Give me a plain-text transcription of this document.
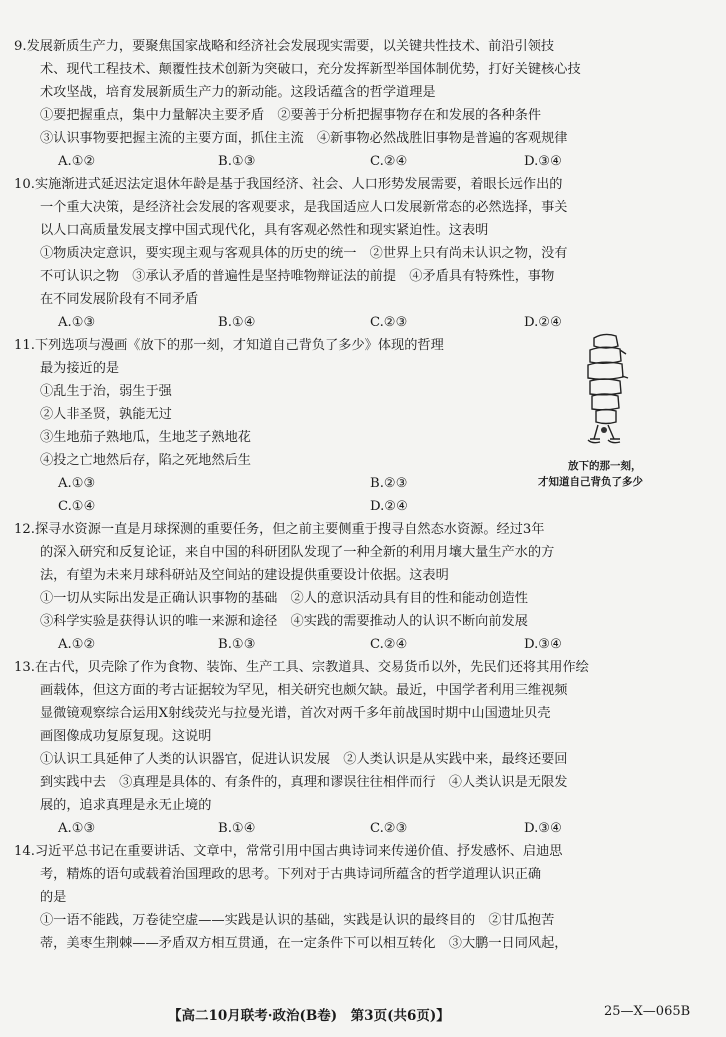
9.发展新质生产力，要聚焦国家战略和经济社会发展现实需要，以关键共性技术、前沿引领技
术、现代工程技术、颠覆性技术创新为突破口，充分发挥新型举国体制优势，打好关键核心技
术攻坚战，培育发展新质生产力的新动能。这段话蕴含的哲学道理是
①要把握重点，集中力量解决主要矛盾　②要善于分析把握事物存在和发展的各种条件
③认识事物要把握主流的主要方面，抓住主流　④新事物必然战胜旧事物是普遍的客观规律
A.①②	B.①③	C.②④	D.③④
10.实施渐进式延迟法定退休年龄是基于我国经济、社会、人口形势发展需要，着眼长远作出的
一个重大决策，是经济社会发展的客观要求，是我国适应人口发展新常态的必然选择，事关
以人口高质量发展支撑中国式现代化，具有客观必然性和现实紧迫性。这表明
①物质决定意识，要实现主观与客观具体的历史的统一　②世界上只有尚未认识之物，没有
不可认识之物　③承认矛盾的普遍性是坚持唯物辩证法的前提　④矛盾具有特殊性，事物
在不同发展阶段有不同矛盾
A.①③	B.①④	C.②③	D.②④
11.下列选项与漫画《放下的那一刻，才知道自己背负了多少》体现的哲理
最为接近的是
①乱生于治，弱生于强
②人非圣贤，孰能无过
③生地茄子熟地瓜，生地芝子熟地花
④投之亡地然后存，陷之死地然后生
A.①③	B.②③
C.①④	D.②④
放下的那一刻，
才知道自己背负了多少
12.探寻水资源一直是月球探测的重要任务，但之前主要侧重于搜寻自然态水资源。经过3年
的深入研究和反复论证，来自中国的科研团队发现了一种全新的利用月壤大量生产水的方
法，有望为未来月球科研站及空间站的建设提供重要设计依据。这表明
①一切从实际出发是正确认识事物的基础　②人的意识活动具有目的性和能动创造性
③科学实验是获得认识的唯一来源和途径　④实践的需要推动人的认识不断向前发展
A.①②	B.①③	C.②④	D.③④
13.在古代，贝壳除了作为食物、装饰、生产工具、宗教道具、交易货币以外，先民们还将其用作绘
画载体，但这方面的考古证据较为罕见，相关研究也颇欠缺。最近，中国学者利用三维视频
显微镜观察综合运用X射线荧光与拉曼光谱，首次对两千多年前战国时期中山国遗址贝壳
画图像成功复原复现。这说明
①认识工具延伸了人类的认识器官，促进认识发展　②人类认识是从实践中来，最终还要回
到实践中去　③真理是具体的、有条件的，真理和谬误往往相伴而行　④人类认识是无限发
展的，追求真理是永无止境的
A.①③	B.①④	C.②③	D.③④
14.习近平总书记在重要讲话、文章中，常常引用中国古典诗词来传递价值、抒发感怀、启迪思
考，精炼的语句或载着治国理政的思考。下列对于古典诗词所蕴含的哲学道理认识正确
的是
①一语不能践，万卷徒空虚——实践是认识的基础，实践是认识的最终目的　②甘瓜抱苦
蒂，美枣生荆棘——矛盾双方相互贯通，在一定条件下可以相互转化　③大鹏一日同风起，
【高二10月联考·政治(B卷)　第3页(共6页)】	25—X—065B
